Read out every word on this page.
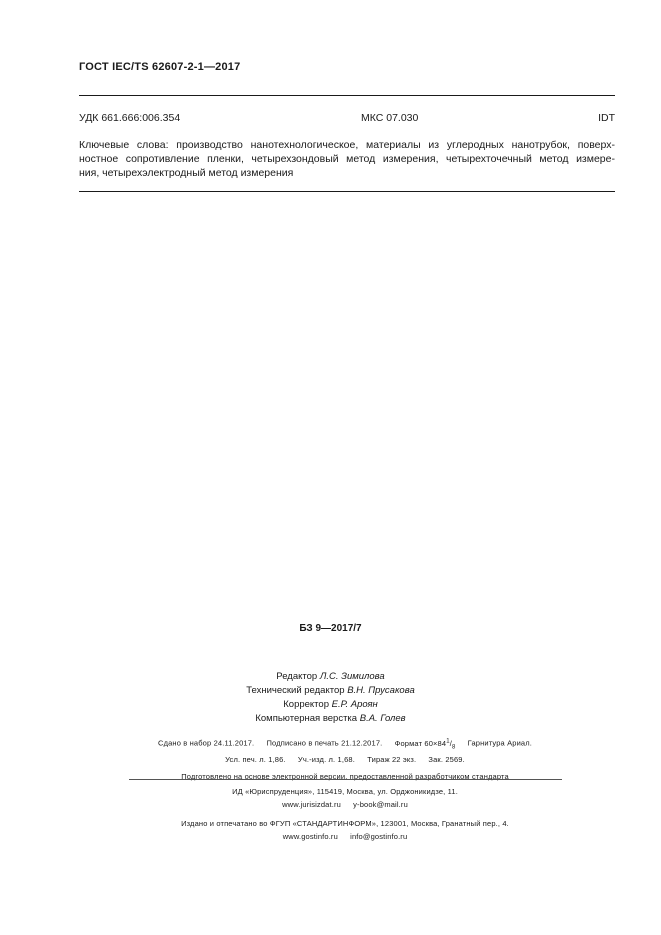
ГОСТ IEC/TS 62607-2-1—2017
УДК 661.666:006.354	МКС 07.030	IDT
Ключевые слова: производство нанотехнологическое, материалы из углеродных нанотрубок, поверх-
ностное сопротивление пленки, четырехзондовый метод измерения, четырехточечный метод измере-
ния, четырехэлектродный метод измерения
БЗ 9—2017/7
Редактор Л.С. Зимилова
Технический редактор В.Н. Прусакова
Корректор Е.Р. Ароян
Компьютерная верстка В.А. Голев
Сдано в набор 24.11.2017. Подписано в печать 21.12.2017. Формат $60\times 84^1/_8$ Гарнитура Ариал.
Усл. печ. л. 1,86. Уч.-изд. л. 1,68. Тираж 22 экз. Зак. 2569.
Подготовлено на основе электронной версии, предоставленной разработчиком стандарта
ИД «Юриспруденция», 115419, Москва, ул. Орджоникидзе, 11.
www.jurisizdat.ru y-book@mail.ru
Издано и отпечатано во ФГУП «СТАНДАРТИНФОРМ», 123001, Москва, Гранатный пер., 4.
www.gostinfo.ru info@gostinfo.ru
